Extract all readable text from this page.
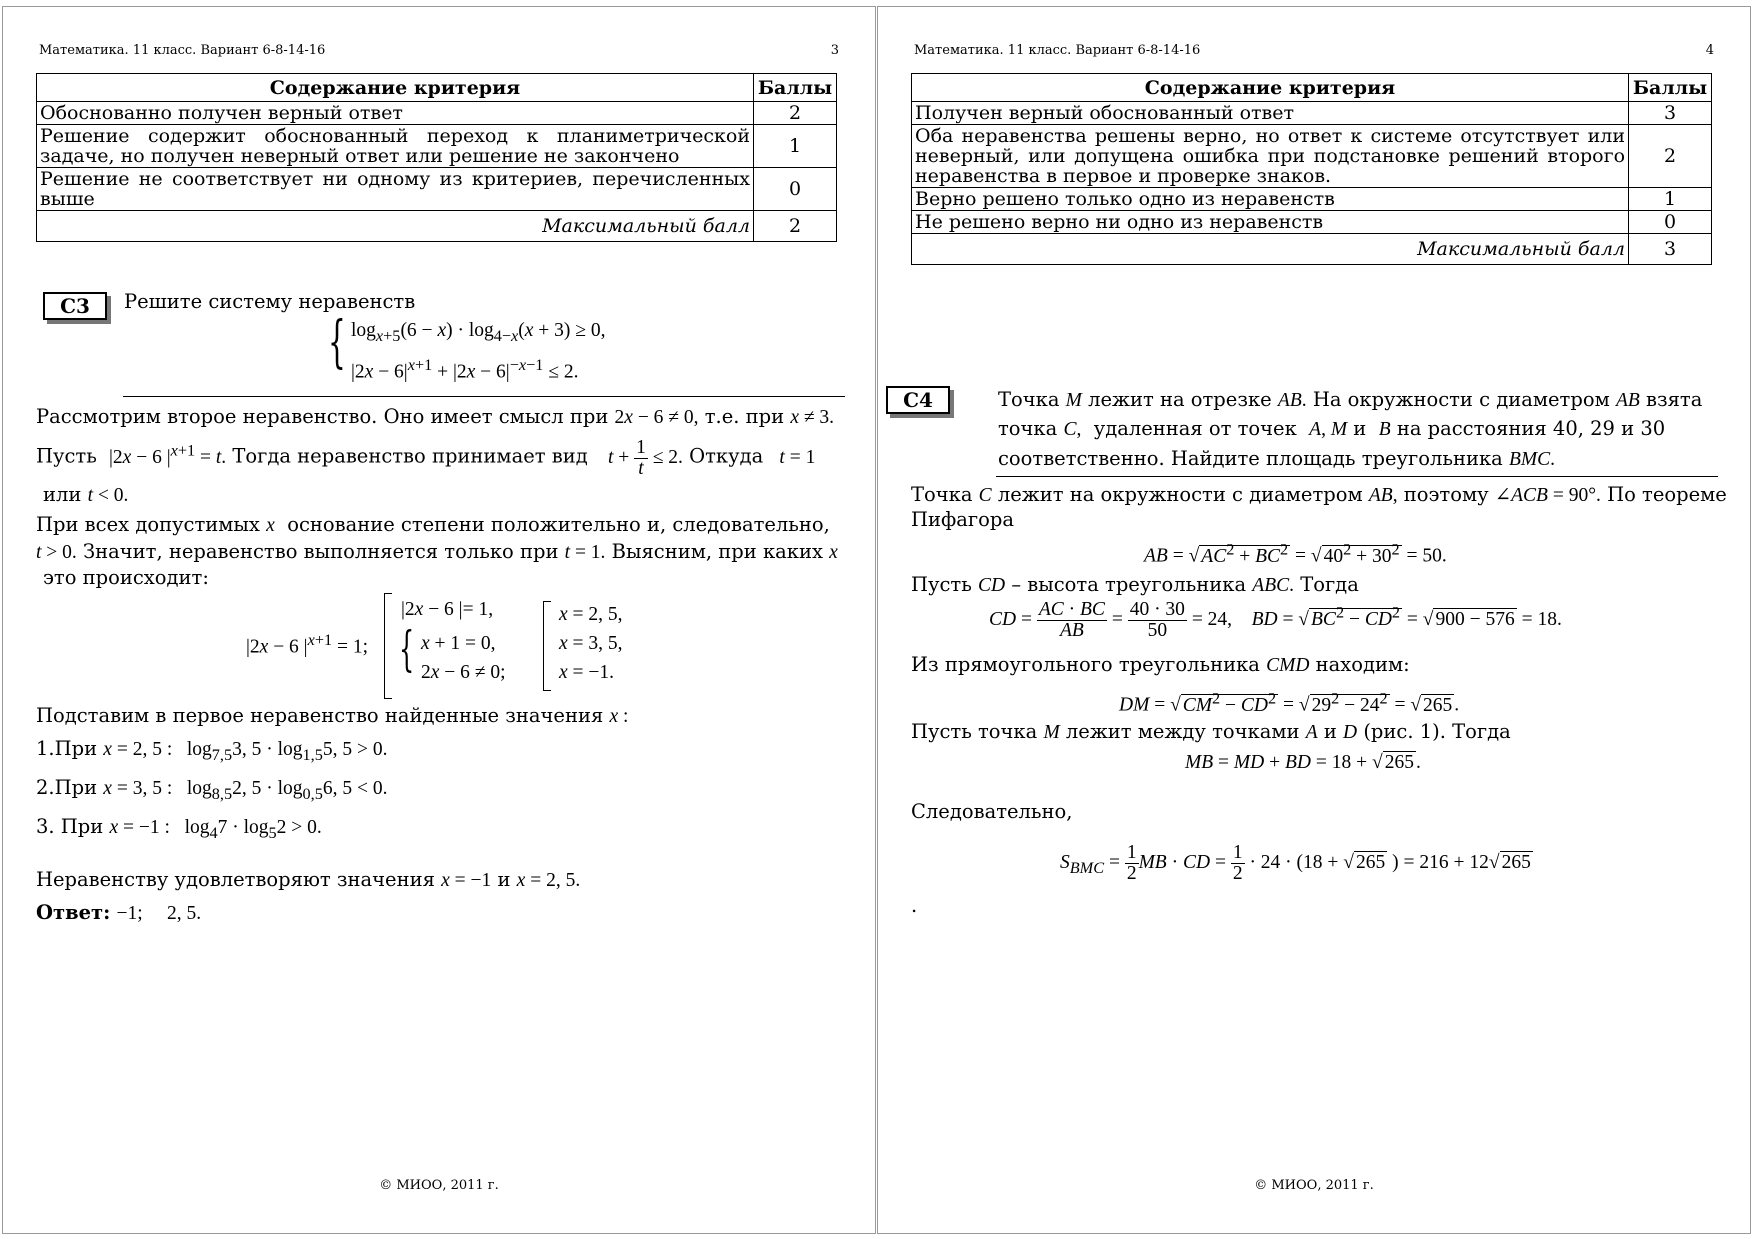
Математика. 11 класс. Вариант 6-8-14-16	3
Содержание критерия	Баллы
Обоснованно получен верный ответ	2
Решение содержит обоснованный переход к планиметрической задаче, но получен неверный ответ или решение не закончено	1
Решение не соответствует ни одному из критериев, перечисленных выше	0
Максимальный балл	2
С3	Решите систему неравенств
{ $\log_{x+5}(6 - x) \cdot \log_{4-x}(x + 3) \ge 0$,
$|2x - 6|^{x+1} + |2x - 6|^{-x-1} \le 2$.
Рассмотрим второе неравенство. Оно имеет смысл при 2x − 6 ≠ 0, т.е. при x ≠ 3.
Пусть |2x − 6 $|^{x+1} = t$. Тогда неравенство принимает вид $t + \frac{1}{t} \le 2$. Откуда t = 1
или t < 0.
При всех допустимых x основание степени положительно и, следовательно,
t > 0. Значит, неравенство выполняется только при t = 1. Выясним, при каких x
это происходит:
|2x − 6 $|^{x+1} = 1$;
|2x − 6 |= 1,
{ x + 1 = 0,
2x − 6 ≠ 0;
x = 2, 5,
x = 3, 5,
x = −1.
Подставим в первое неравенство найденные значения x :
1.При x = 2, 5 :   $\log_{7,5}3$, $5 \cdot \log_{1,5}5$, 5 > 0.
2.При x = 3, 5 :   $\log_{8,5}2$, $5 \cdot \log_{0,5}6$, 5 < 0.
3. При x = −1 :   $\log_47 \cdot \log_52 > 0$.
Неравенству удовлетворяют значения x = −1 и x = 2, 5.
Ответ: −1;     2, 5.
© МИОО, 2011 г.
Математика. 11 класс. Вариант 6-8-14-16	4
Содержание критерия	Баллы
Получен верный обоснованный ответ	3
Оба неравенства решены верно, но ответ к системе отсутствует или неверный, или допущена ошибка при подстановке решений второго неравенства в первое и проверке знаков.	2
Верно решено только одно из неравенств	1
Не решено верно ни одно из неравенств	0
Максимальный балл	3
С4	Точка M лежит на отрезке AB. На окружности с диаметром AB взята
точка C, удаленная от точек A, M и B на расстояния 40, 29 и 30
соответственно. Найдите площадь треугольника BMC.
Точка C лежит на окружности с диаметром AB, поэтому ∠ACB = 90°. По теореме
Пифагора
AB = √ $AC^2 + BC^2$ = √ $40^2 + 30^2 = 50$.
Пусть CD – высота треугольника ABC. Тогда
CD = $\frac{AC \cdot BC}{AB} = \frac{40 \cdot 30}{50} = 24$,    BD = √ $BC^2 - CD^2$ = √ 900 − 576 = 18.
Из прямоугольного треугольника CMD находим:
DM = √ $CM^2 - CD^2$ = √ $29^2 - 24^2$ = √ 265 .
Пусть точка M лежит между точками A и D (рис. 1). Тогда
MB = MD + BD = 18 + √ 265 .
Следовательно,
$S_{BMC} = \frac{1}{2}$ MB · CD = $\frac{1}{2} \cdot 24 \cdot (18$ + √ 265 ) = 216 + 12√ 265
.
© МИОО, 2011 г.
